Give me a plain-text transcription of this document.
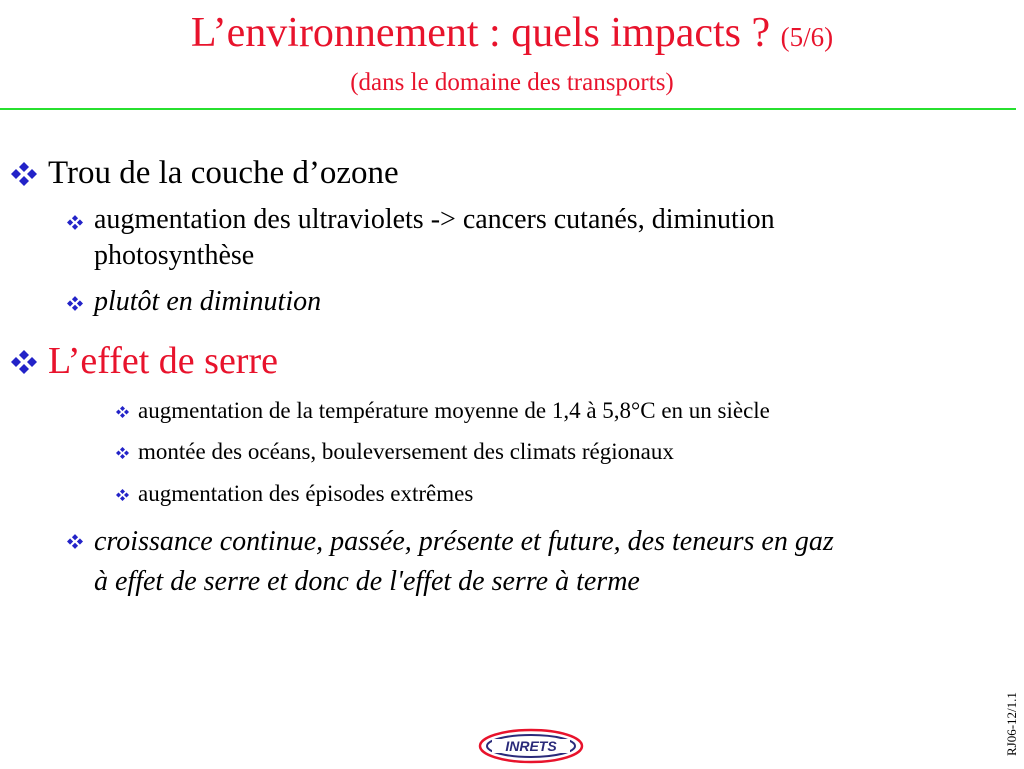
L’environnement : quels impacts ? (5/6)
(dans le domaine des transports)
Trou de la couche d’ozone
augmentation des ultraviolets -> cancers cutanés, diminution
photosynthèse
plutôt en diminution
L’effet de serre
augmentation de la température moyenne de 1,4 à 5,8°C en un siècle
montée des océans, bouleversement des climats régionaux
augmentation des épisodes extrêmes
croissance continue, passée, présente et future, des teneurs en gaz
à effet de serre et donc de l'effet de serre à terme
RJ06-12/1.1
INRETS
